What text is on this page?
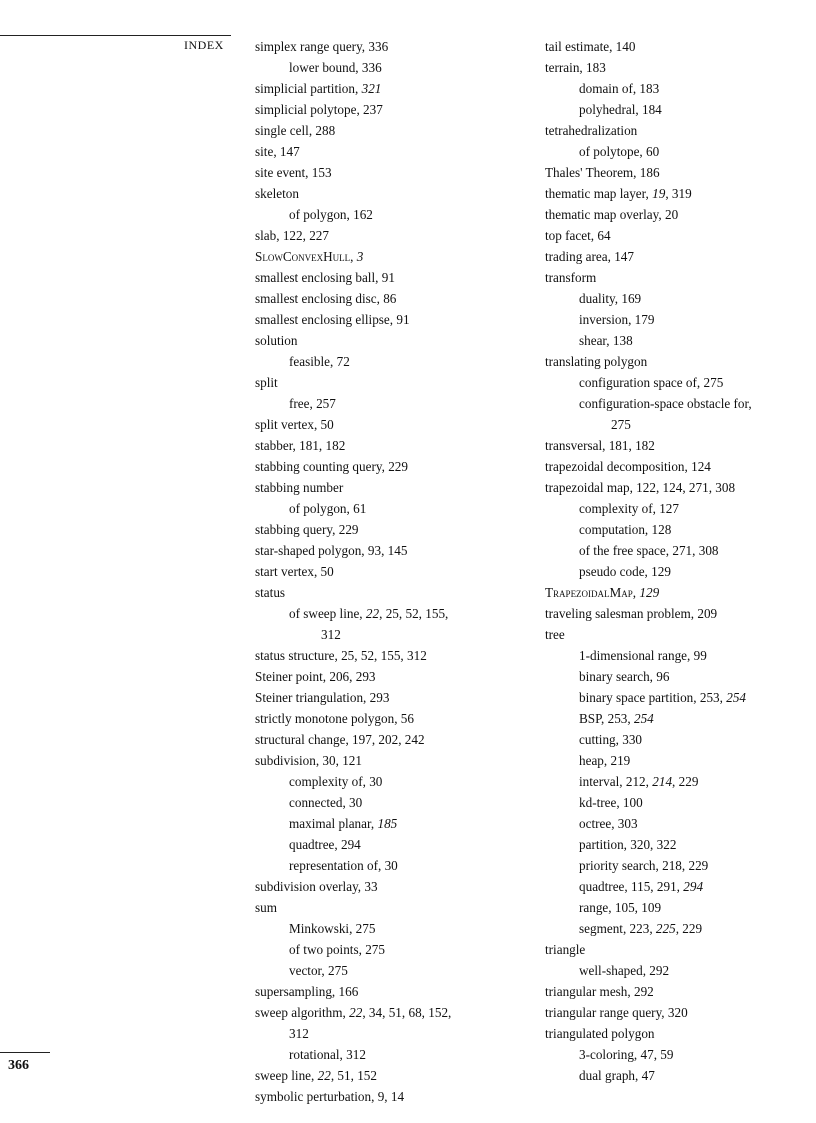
INDEX simplex range query, 336
lower bound, 336
simplicial partition, 321
simplicial polytope, 237
single cell, 288
site, 147
site event, 153
skeleton
of polygon, 162
slab, 122, 227
SlowConvexHull, 3
smallest enclosing ball, 91
smallest enclosing disc, 86
smallest enclosing ellipse, 91
solution
feasible, 72
split
free, 257
split vertex, 50
stabber, 181, 182
stabbing counting query, 229
stabbing number
of polygon, 61
stabbing query, 229
star-shaped polygon, 93, 145
start vertex, 50
status
of sweep line, 22, 25, 52, 155,
312
status structure, 25, 52, 155, 312
Steiner point, 206, 293
Steiner triangulation, 293
strictly monotone polygon, 56
structural change, 197, 202, 242
subdivision, 30, 121
complexity of, 30
connected, 30
maximal planar, 185
quadtree, 294
representation of, 30
subdivision overlay, 33
sum
Minkowski, 275
of two points, 275
vector, 275
supersampling, 166
sweep algorithm, 22, 34, 51, 68, 152,
312
rotational, 312
sweep line, 22, 51, 152
symbolic perturbation, 9, 14
tail estimate, 140
terrain, 183
domain of, 183
polyhedral, 184
tetrahedralization
of polytope, 60
Thales' Theorem, 186
thematic map layer, 19, 319
thematic map overlay, 20
top facet, 64
trading area, 147
transform
duality, 169
inversion, 179
shear, 138
translating polygon
configuration space of, 275
configuration-space obstacle for,
275
transversal, 181, 182
trapezoidal decomposition, 124
trapezoidal map, 122, 124, 271, 308
complexity of, 127
computation, 128
of the free space, 271, 308
pseudo code, 129
TrapezoidalMap, 129
traveling salesman problem, 209
tree
1-dimensional range, 99
binary search, 96
binary space partition, 253, 254
BSP, 253, 254
cutting, 330
heap, 219
interval, 212, 214, 229
kd-tree, 100
octree, 303
partition, 320, 322
priority search, 218, 229
quadtree, 115, 291, 294
range, 105, 109
segment, 223, 225, 229
triangle
well-shaped, 292
triangular mesh, 292
triangular range query, 320
triangulated polygon
3-coloring, 47, 59
dual graph, 47
366
